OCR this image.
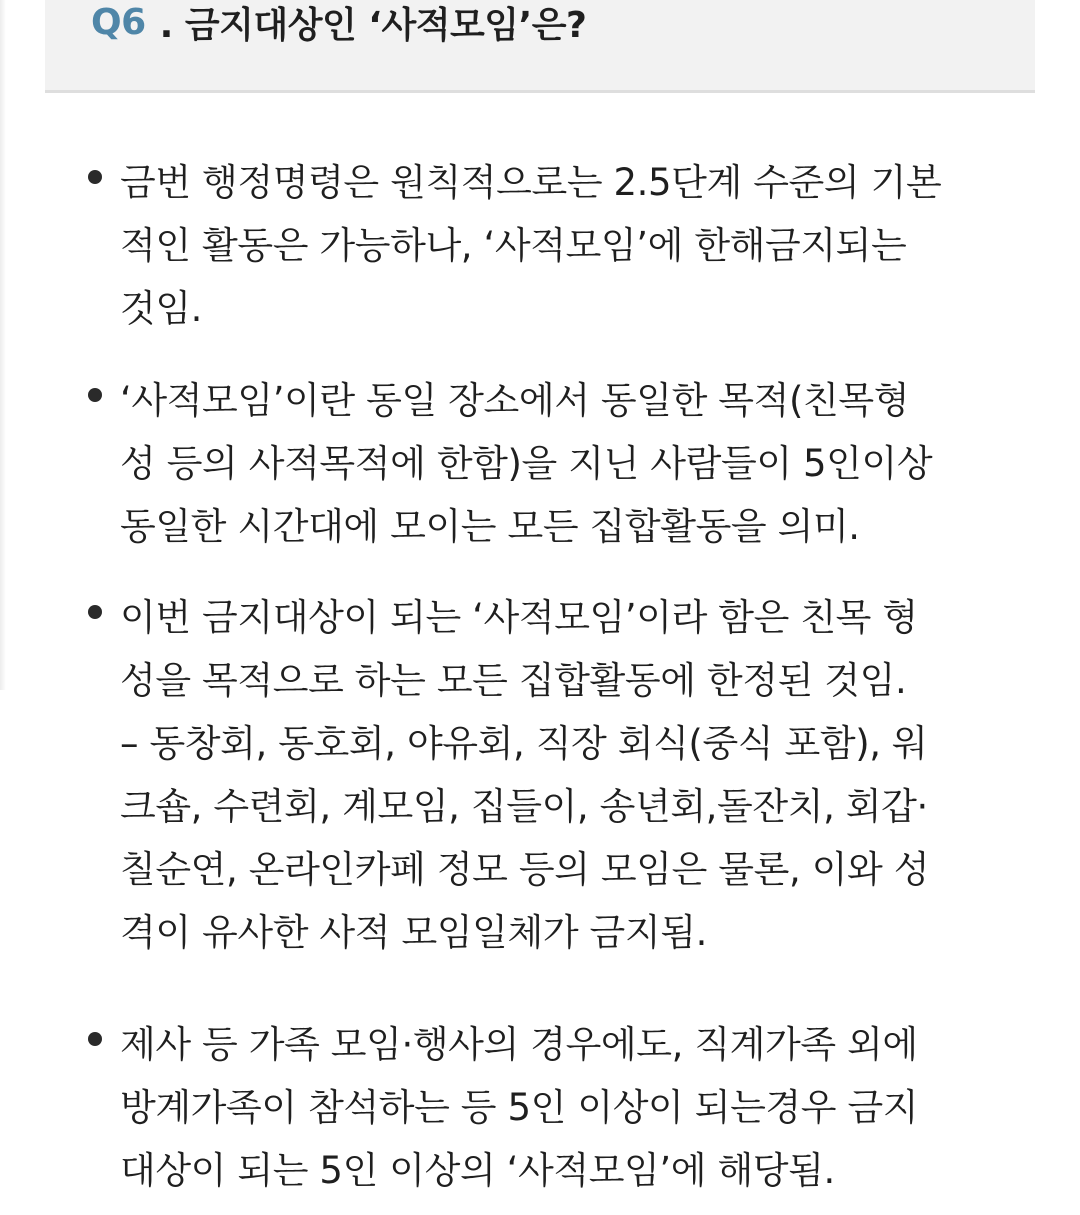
Q6 . 금지대상인 ‘사적모임’은?
금번 행정명령은 원칙적으로는 2.5단계 수준의 기본
적인 활동은 가능하나, ‘사적모임’에 한해금지되는
것임.
‘사적모임’이란 동일 장소에서 동일한 목적(친목형
성 등의 사적목적에 한함)을 지닌 사람들이 5인이상
동일한 시간대에 모이는 모든 집합활동을 의미.
이번 금지대상이 되는 ‘사적모임’이라 함은 친목 형
성을 목적으로 하는 모든 집합활동에 한정된 것임.
– 동창회, 동호회, 야유회, 직장 회식(중식 포함), 워
크숍, 수련회, 계모임, 집들이, 송년회,돌잔치, 회갑·
칠순연, 온라인카페 정모 등의 모임은 물론, 이와 성
격이 유사한 사적 모임일체가 금지됨.
제사 등 가족 모임·행사의 경우에도, 직계가족 외에
방계가족이 참석하는 등 5인 이상이 되는경우 금지
대상이 되는 5인 이상의 ‘사적모임’에 해당됨.
